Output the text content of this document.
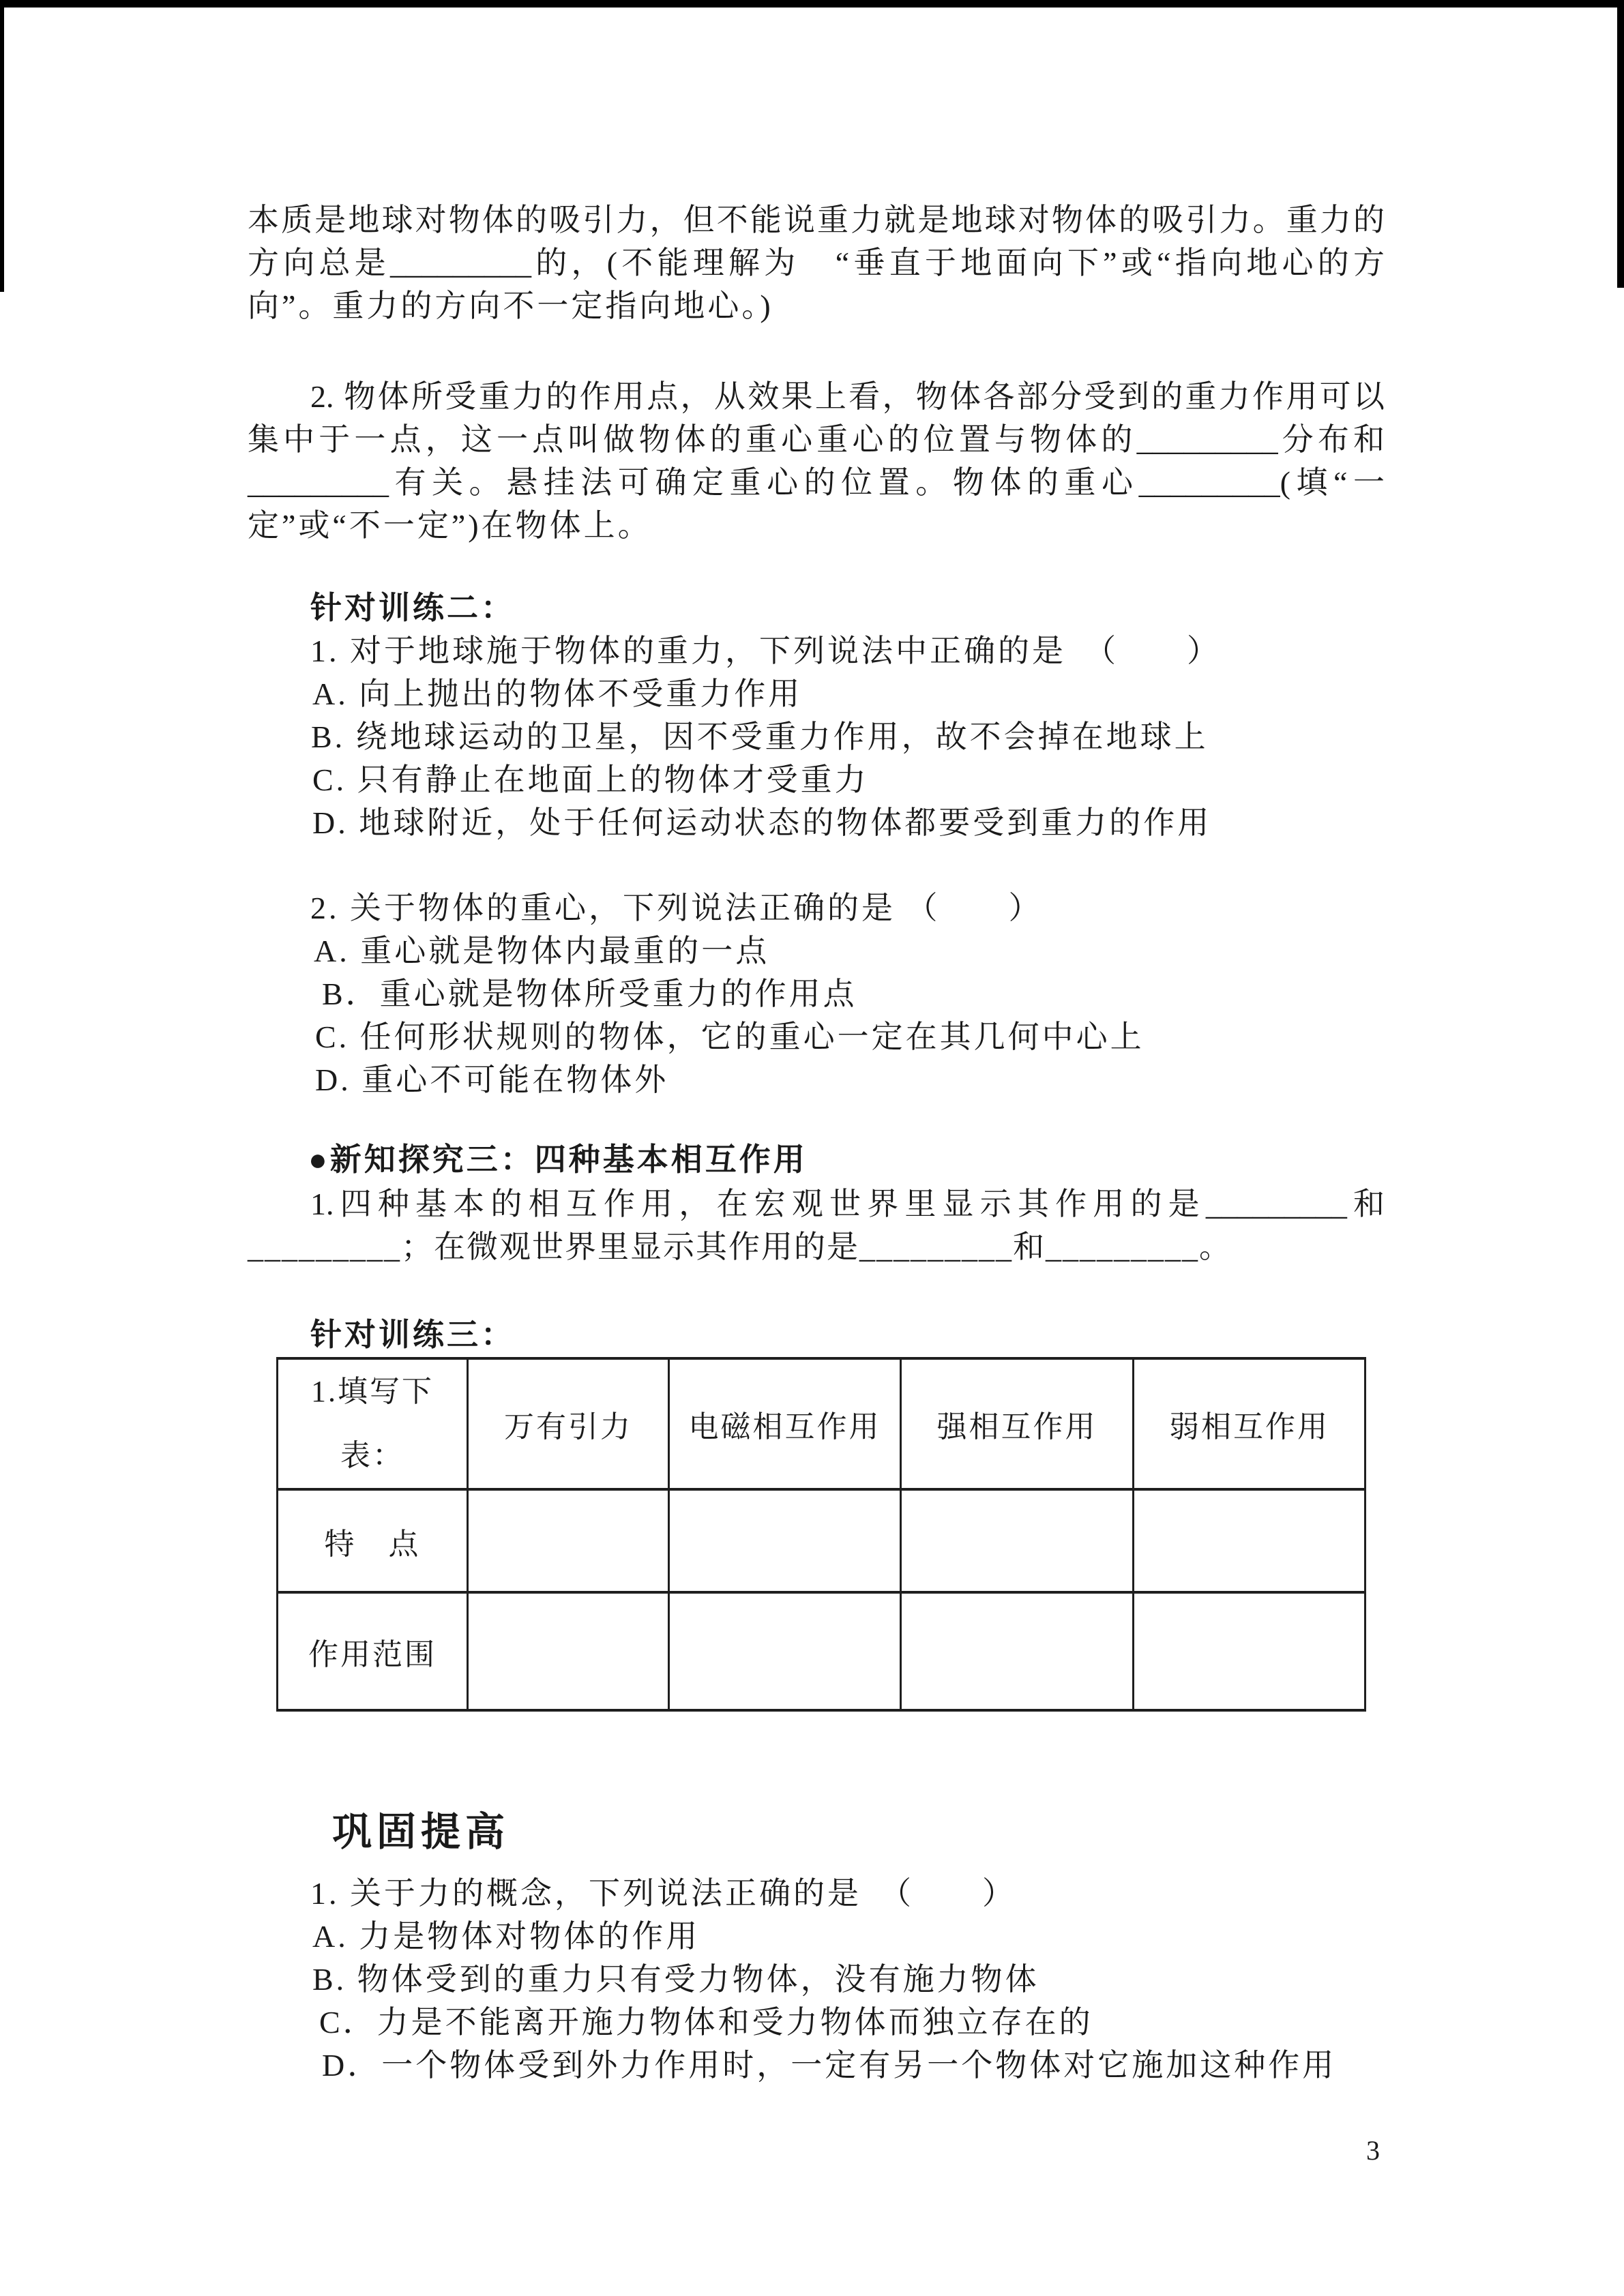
本质是地球对物体的吸引力，但不能说重力就是地球对物体的吸引力。重力的
方向总是_________的，(不能理解为　“垂直于地面向下”或“指向地心的方
向”。重力的方向不一定指向地心。)
2. 物体所受重力的作用点，从效果上看，物体各部分受到的重力作用可以
集中于一点，这一点叫做物体的重心重心的位置与物体的_________分布和
_________有关。悬挂法可确定重心的位置。物体的重心_________(填“一
定”或“不一定”)在物体上。
针对训练二：
1. 对于地球施于物体的重力，下列说法中正确的是　（　　）
A. 向上抛出的物体不受重力作用
B. 绕地球运动的卫星，因不受重力作用，故不会掉在地球上
C. 只有静止在地面上的物体才受重力
D. 地球附近，处于任何运动状态的物体都要受到重力的作用
2. 关于物体的重心，下列说法正确的是 （　　）
A. 重心就是物体内最重的一点
B．重心就是物体所受重力的作用点
C. 任何形状规则的物体，它的重心一定在其几何中心上
D. 重心不可能在物体外
●新知探究三：四种基本相互作用
1.四种基本的相互作用，在宏观世界里显示其作用的是_________和
_________；在微观世界里显示其作用的是_________和_________。
针对训练三：
1.填写下
表：	万有引力	电磁相互作用	强相互作用	弱相互作用
特　点				
作用范围				
巩固提高
1. 关于力的概念，下列说法正确的是　（　　）
A. 力是物体对物体的作用
B. 物体受到的重力只有受力物体，没有施力物体
C．力是不能离开施力物体和受力物体而独立存在的
D．一个物体受到外力作用时，一定有另一个物体对它施加这种作用
3
